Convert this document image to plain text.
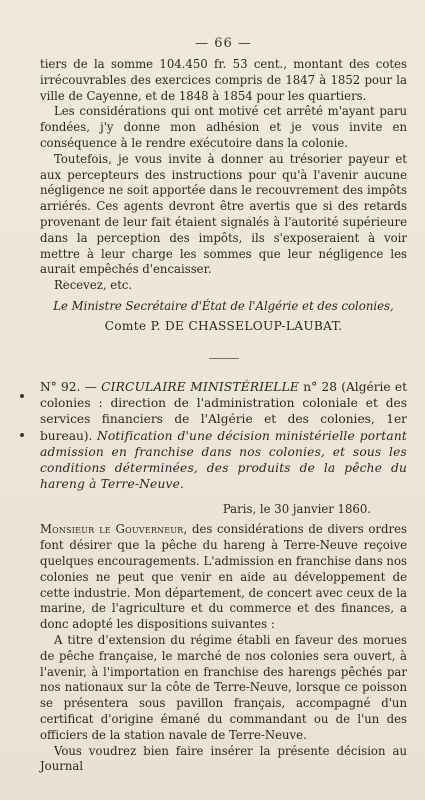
— 66 —

tiers de la somme 104.450 fr. 53 cent., montant des cotes irrécouvrables des exercices compris de 1847 à 1852 pour la ville de Cayenne, et de 1848 à 1854 pour les quartiers.

Les considérations qui ont motivé cet arrêté m'ayant paru fondées, j'y donne mon adhésion et je vous invite en conséquence à le rendre exécutoire dans la colonie.

Toutefois, je vous invite à donner au trésorier payeur et aux percepteurs des instructions pour qu'à l'avenir aucune négligence ne soit apportée dans le recouvrement des impôts arriérés. Ces agents devront être avertis que si des retards provenant de leur fait étaient signalés à l'autorité supérieure dans la perception des impôts, ils s'exposeraient à voir mettre à leur charge les sommes que leur négligence les aurait empêchés d'encaisser.

Recevez, etc.

Le Ministre Secrétaire d'État de l'Algérie et des colonies,
Comte P. DE CHASSELOUP-LAUBAT.

N° 92. — CIRCULAIRE MINISTÉRIELLE n° 28 (Algérie et colonies : direction de l'administration coloniale et des services financiers de l'Algérie et des colonies, 1er bureau). Notification d'une décision ministérielle portant admission en franchise dans nos colonies, et sous les conditions déterminées, des produits de la pêche du hareng à Terre-Neuve.

Paris, le 30 janvier 1860.

Monsieur le Gouverneur, des considérations de divers ordres font désirer que la pêche du hareng à Terre-Neuve reçoive quelques encouragements. L'admission en franchise dans nos colonies ne peut que venir en aide au développement de cette industrie. Mon département, de concert avec ceux de la marine, de l'agriculture et du commerce et des finances, a donc adopté les dispositions suivantes :

A titre d'extension du régime établi en faveur des morues de pêche française, le marché de nos colonies sera ouvert, à l'avenir, à l'importation en franchise des harengs pêchés par nos nationaux sur la côte de Terre-Neuve, lorsque ce poisson se présentera sous pavillon français, accompagné d'un certificat d'origine émané du commandant ou de l'un des officiers de la station navale de Terre-Neuve.

Vous voudrez bien faire insérer la présente décision au Journal
